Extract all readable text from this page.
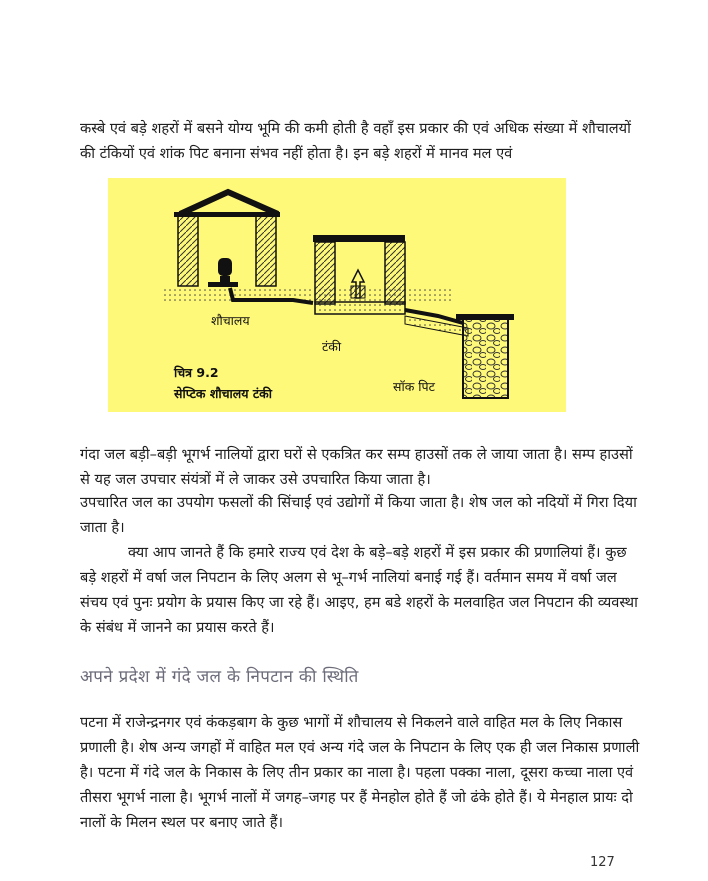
कस्बे एवं बड़े शहरों में बसने योग्य भूमि की कमी होती है वहाँ इस प्रकार की एवं अधिक संख्या में शौचालयों की टंकियों एवं शांक पिट बनाना संभव नहीं होता है। इन बड़े शहरों में मानव मल एवं

शौचालय
टंकी
सॉक पिट
चित्र 9.2
सेप्टिक शौचालय टंकी

गंदा जल बड़ी–बड़ी भूगर्भ नालियों द्वारा घरों से एकत्रित कर सम्प हाउसों तक ले जाया जाता है। सम्प हाउसों से यह जल उपचार संयंत्रों में ले जाकर उसे उपचारित किया जाता है।

उपचारित जल का उपयोग फसलों की सिंचाई एवं उद्योगों में किया जाता है। शेष जल को नदियों में गिरा दिया जाता है।

क्या आप जानते हैं कि हमारे राज्य एवं देश के बड़े–बड़े शहरों में इस प्रकार की प्रणालियां हैं। कुछ बड़े शहरों में वर्षा जल निपटान के लिए अलग से भू–गर्भ नालियां बनाई गई हैं। वर्तमान समय में वर्षा जल संचय एवं पुनः प्रयोग के प्रयास किए जा रहे हैं। आइए, हम बडे शहरों के मलवाहित जल निपटान की व्यवस्था के संबंध में जानने का प्रयास करते हैं।

अपने प्रदेश में गंदे जल के निपटान की स्थिति

पटना में राजेन्द्रनगर एवं कंकड़बाग के कुछ भागों में शौचालय से निकलने वाले वाहित मल के लिए निकास प्रणाली है। शेष अन्य जगहों में वाहित मल एवं अन्य गंदे जल के निपटान के लिए एक ही जल निकास प्रणाली है। पटना में गंदे जल के निकास के लिए तीन प्रकार का नाला है। पहला पक्का नाला, दूसरा कच्चा नाला एवं तीसरा भूगर्भ नाला है। भूगर्भ नालों में जगह–जगह पर हैं मेनहोल होते हैं जो ढंके होते हैं। ये मेनहाल प्रायः दो नालों के मिलन स्थल पर बनाए जाते हैं।

127
